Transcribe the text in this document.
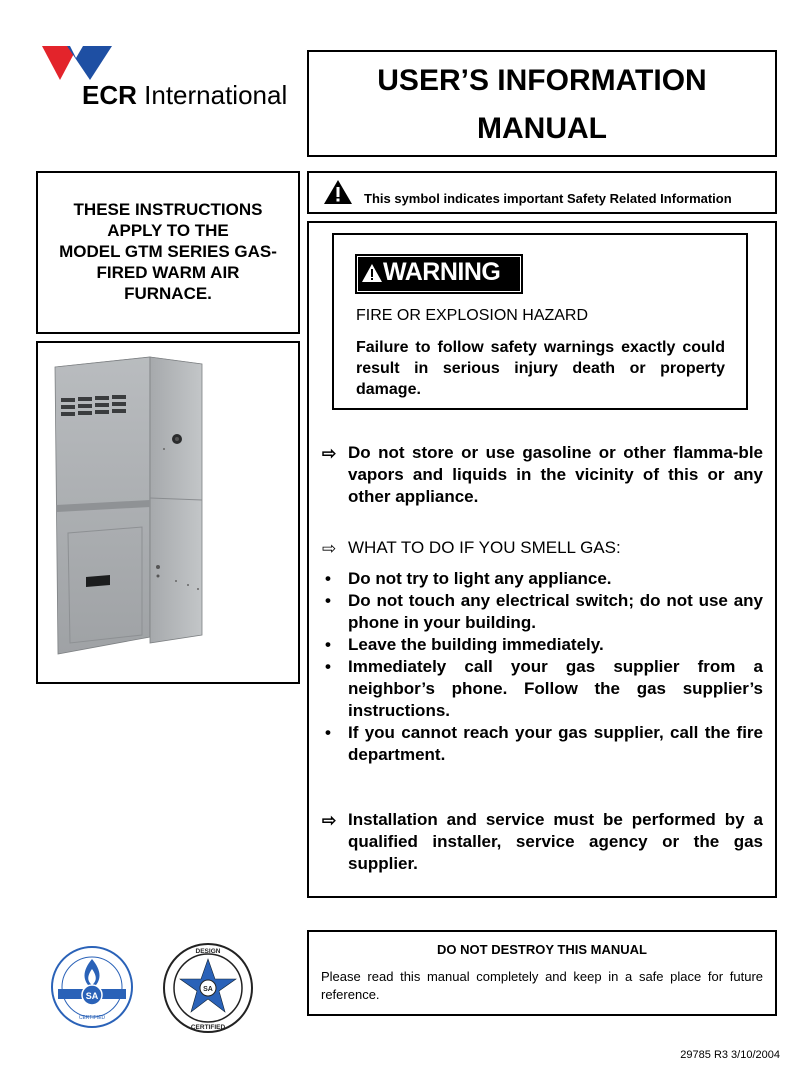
ECR International	USER’S INFORMATION
MANUAL
THESE INSTRUCTIONS
APPLY TO THE
MODEL GTM SERIES GAS-
FIRED WARM AIR
FURNACE.
This symbol indicates important Safety Related Information
WARNING
FIRE OR EXPLOSION HAZARD
Failure to follow safety warnings exactly could result in serious injury death or property damage.
⇨ Do not store or use gasoline or other flamma-ble vapors and liquids in the vicinity of this or any other appliance.
⇨ WHAT TO DO IF YOU SMELL GAS:
• Do not try to light any appliance.
• Do not touch any electrical switch; do not use any phone in your building.
• Leave the building immediately.
• Immediately call your gas supplier from a neighbor’s phone. Follow the gas supplier’s instructions.
• If you cannot reach your gas supplier, call the fire department.
⇨ Installation and service must be performed by a qualified installer, service agency or the gas supplier.
SA
CERTIFIED
SA
DESIGN
CERTIFIED
DO NOT DESTROY THIS MANUAL
Please read this manual completely and keep in a safe place for future reference.
29785 R3 3/10/2004
